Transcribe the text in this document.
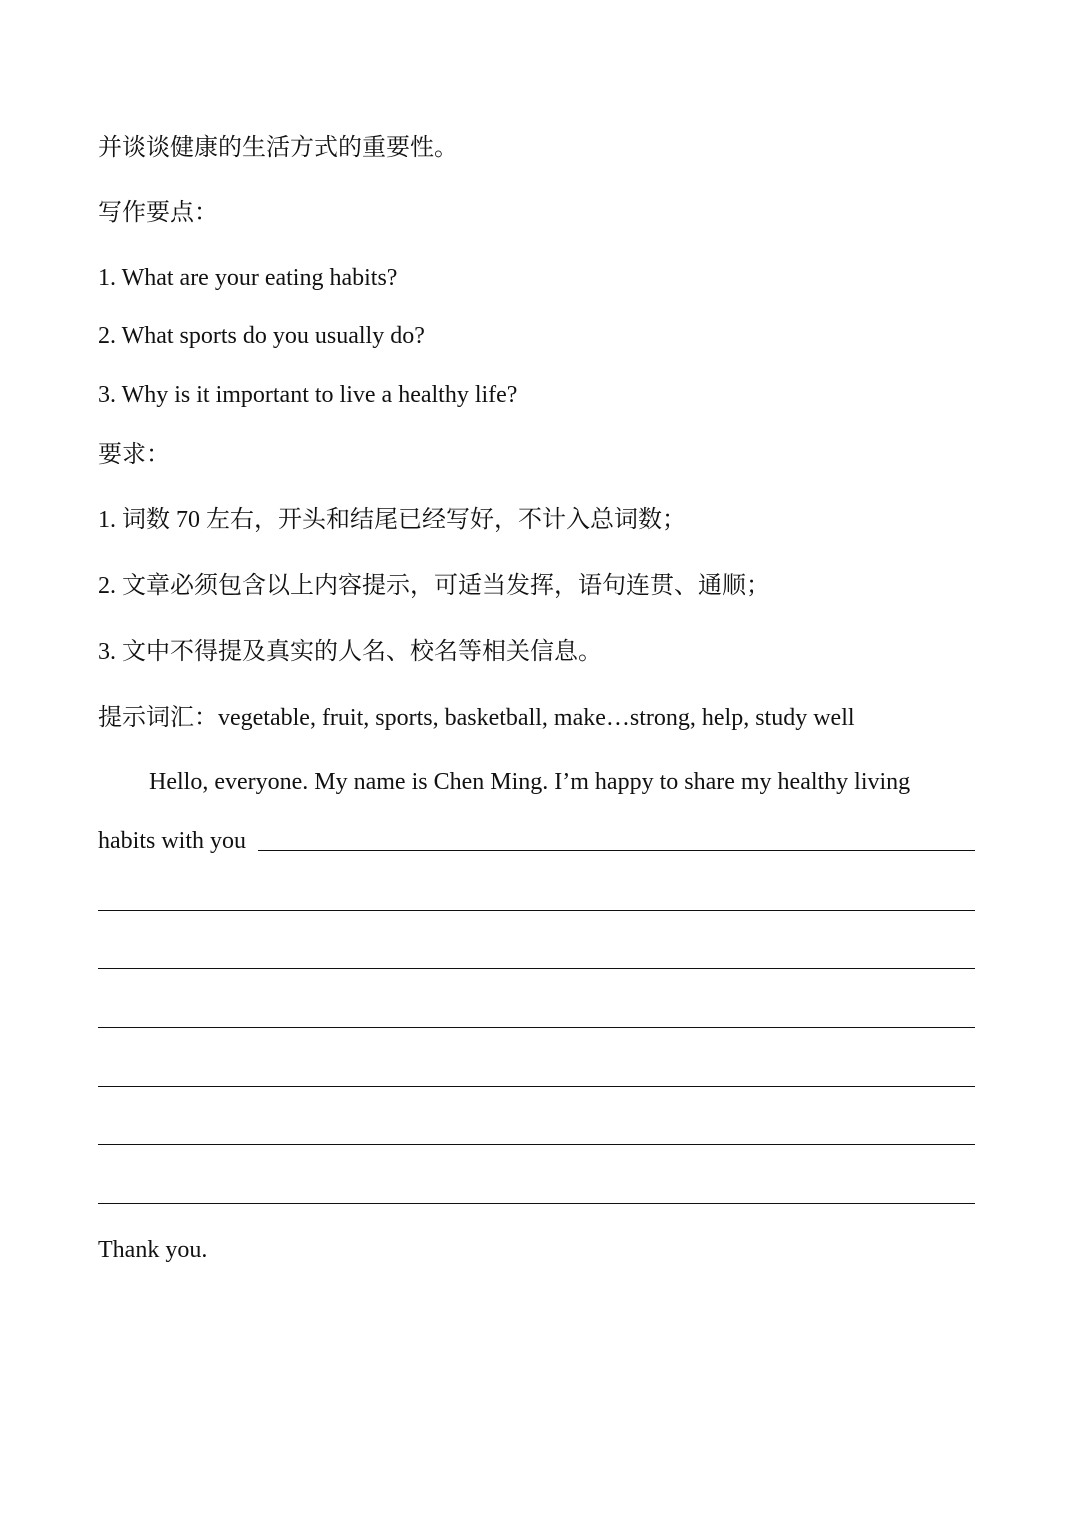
并谈谈健康的生活方式的重要性。
写作要点：
1. What are your eating habits?
2. What sports do you usually do?
3. Why is it important to live a healthy life?
要求：
1. 词数 70 左右，开头和结尾已经写好，不计入总词数；
2. 文章必须包含以上内容提示，可适当发挥，语句连贯、通顺；
3. 文中不得提及真实的人名、校名等相关信息。
提示词汇：vegetable, fruit, sports, basketball, make…strong, help, study well
Hello, everyone. My name is Chen Ming. I’m happy to share my healthy living
habits with you
Thank you.
